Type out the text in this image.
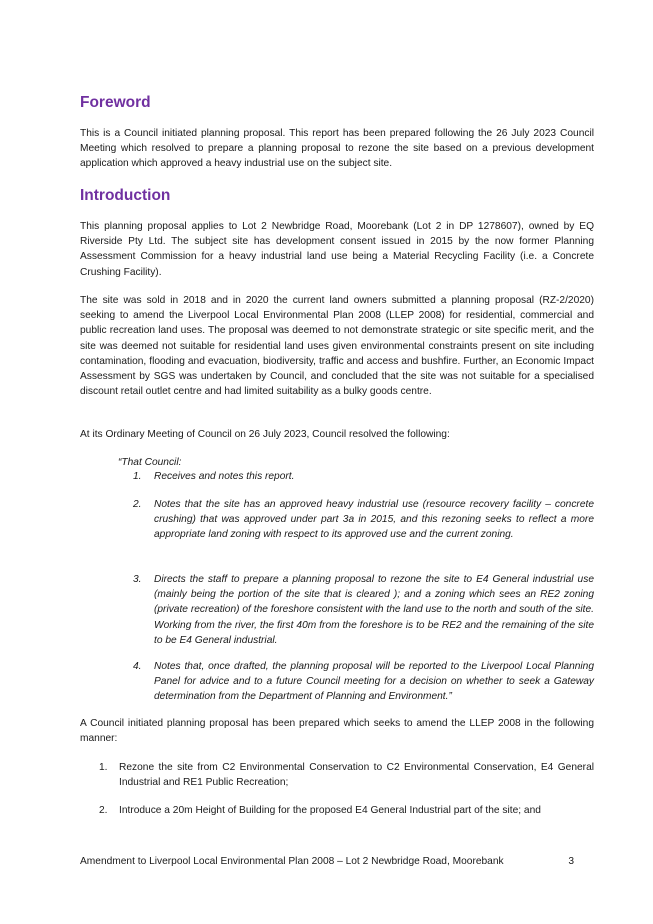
Foreword

This is a Council initiated planning proposal. This report has been prepared following the 26 July 2023 Council Meeting which resolved to prepare a planning proposal to rezone the site based on a previous development application which approved a heavy industrial use on the subject site.

Introduction

This planning proposal applies to Lot 2 Newbridge Road, Moorebank (Lot 2 in DP 1278607), owned by EQ Riverside Pty Ltd. The subject site has development consent issued in 2015 by the now former Planning Assessment Commission for a heavy industrial land use being a Material Recycling Facility (i.e. a Concrete Crushing Facility).

The site was sold in 2018 and in 2020 the current land owners submitted a planning proposal (RZ-2/2020) seeking to amend the Liverpool Local Environmental Plan 2008 (LLEP 2008) for residential, commercial and public recreation land uses. The proposal was deemed to not demonstrate strategic or site specific merit, and the site was deemed not suitable for residential land uses given environmental constraints present on site including contamination, flooding and evacuation, biodiversity, traffic and access and bushfire. Further, an Economic Impact Assessment by SGS was undertaken by Council, and concluded that the site was not suitable for a specialised discount retail outlet centre and had limited suitability as a bulky goods centre.

At its Ordinary Meeting of Council on 26 July 2023, Council resolved the following:

“That Council:

1. Receives and notes this report.

2. Notes that the site has an approved heavy industrial use (resource recovery facility – concrete crushing) that was approved under part 3a in 2015, and this rezoning seeks to reflect a more appropriate land zoning with respect to its approved use and the current zoning.

3. Directs the staff to prepare a planning proposal to rezone the site to E4 General industrial use (mainly being the portion of the site that is cleared ); and a zoning which sees an RE2 zoning (private recreation) of the foreshore consistent with the land use to the north and south of the site. Working from the river, the first 40m from the foreshore is to be RE2 and the remaining of the site to be E4 General industrial.

4. Notes that, once drafted, the planning proposal will be reported to the Liverpool Local Planning Panel for advice and to a future Council meeting for a decision on whether to seek a Gateway determination from the Department of Planning and Environment.”

A Council initiated planning proposal has been prepared which seeks to amend the LLEP 2008 in the following manner:

1. Rezone the site from C2 Environmental Conservation to C2 Environmental Conservation, E4 General Industrial and RE1 Public Recreation;

2. Introduce a 20m Height of Building for the proposed E4 General Industrial part of the site; and

Amendment to Liverpool Local Environmental Plan 2008 – Lot 2 Newbridge Road, Moorebank	3
